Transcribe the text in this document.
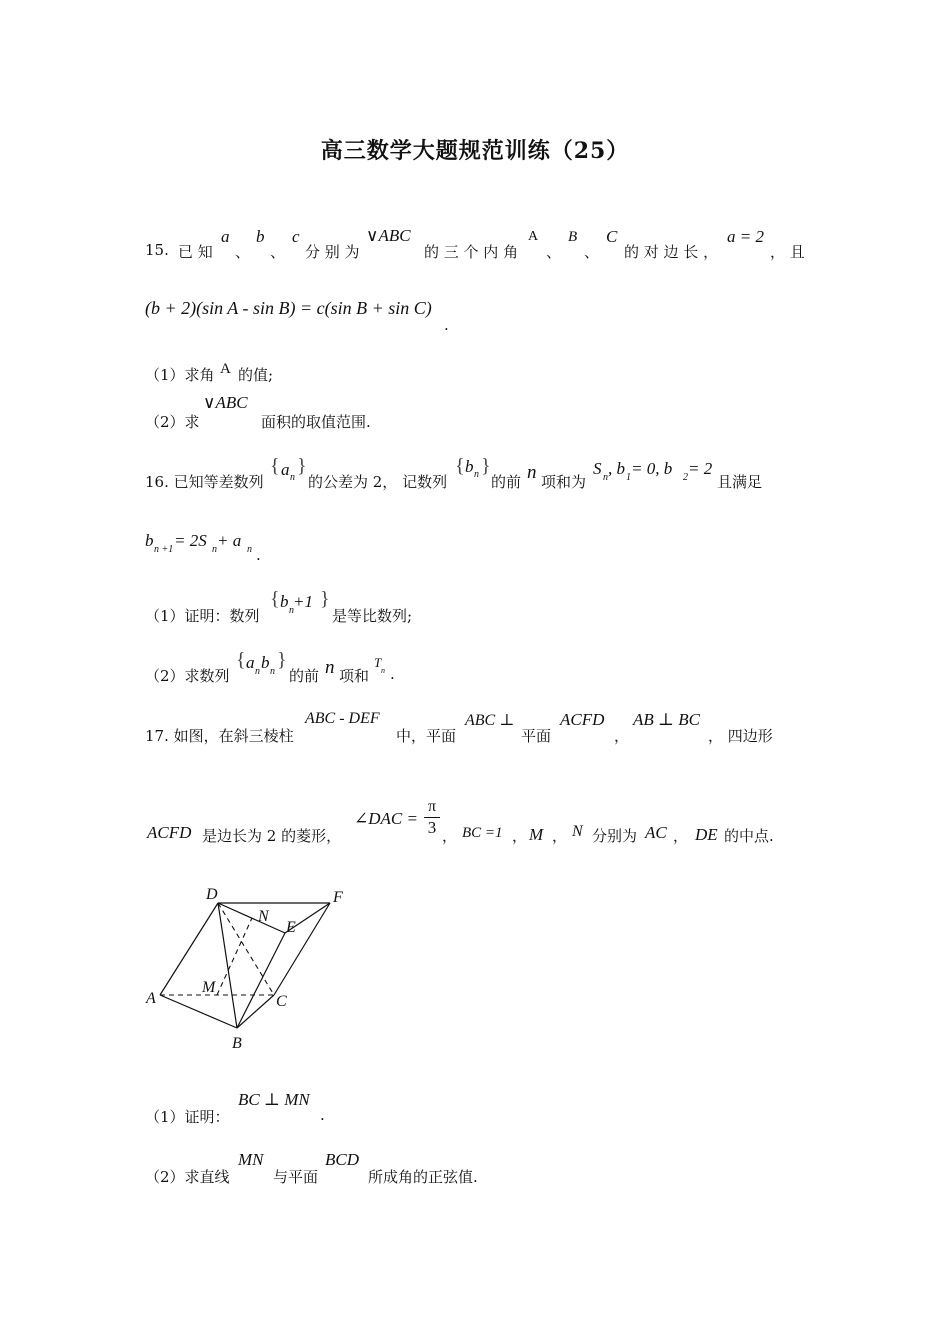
高三数学大题规范训练（25）
15. 已 知
a
、
b
、
c
分 别 为
∨ABC
的 三 个 内 角
A
、
B
、
C
的 对 边 长 ，
a = 2
， 且
(b + 2)(sin A - sin B) = c(sin B + sin C)
.
（1）求角 A 的值;
（2）求
∨ABC
面积的取值范围.
16. 已知等差数列
{ a n
}
的公差为 2， 记数列
{ b n }
的前 n 项和为
S n , b 1 = 0, b 2 = 2
且满足
b n +1 = 2S n + a n .
（1）证明：数列
{ b n +1 }
是等比数列;
（2）求数列
{ a n b n
}
的前 n 项和
T
n .
17. 如图，在斜三棱柱
ABC - DEF
中，平面
ABC ⊥
平面
ACFD
，
AB ⊥ BC
， 四边形
ACFD 是边长为 2 的菱形，
∠DAC =
π
3 ， BC =1 ， M ， N 分别为 AC ， DE 的中点.
D	F
N
E
A
M
C
B
（1）证明：
BC ⊥ MN
.
（2）求直线
MN
与平面
BCD
所成角的正弦值.
